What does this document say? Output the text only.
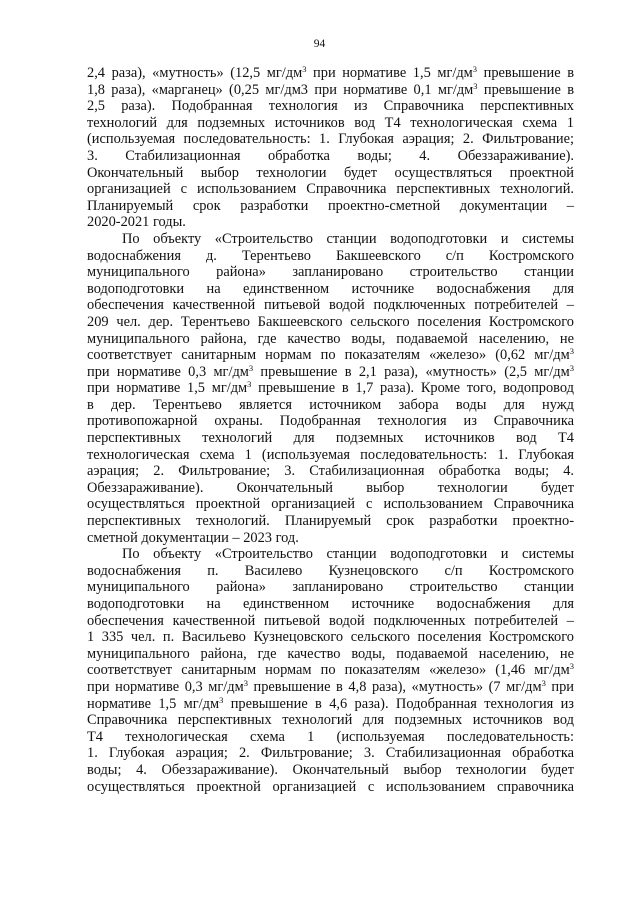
94
2,4 раза), «мутность» (12,5 $мг/дм^3$ при нормативе 1,5 $мг/дм^3$ превышение в
1,8 раза), «марганец» (0,25 мг/дм3 при нормативе 0,1 $мг/дм^3$ превышение в
2,5 раза). Подобранная технология из Справочника перспективных
технологий для подземных источников вод Т4 технологическая схема 1
(используемая последовательность: 1. Глубокая аэрация; 2. Фильтрование;
3. Стабилизационная обработка воды; 4. Обеззараживание).
Окончательный выбор технологии будет осуществляться проектной
организацией с использованием Справочника перспективных технологий.
Планируемый срок разработки проектно-сметной документации –
2020-2021 годы.
По объекту «Строительство станции водоподготовки и системы
водоснабжения д. Терентьево Бакшеевского с/п Костромского
муниципального района» запланировано строительство станции
водоподготовки на единственном источнике водоснабжения для
обеспечения качественной питьевой водой подключенных потребителей –
209 чел. дер. Терентьево Бакшеевского сельского поселения Костромского
муниципального района, где качество воды, подаваемой населению, не
соответствует санитарным нормам по показателям «железо» (0,62 $мг/дм^3$
при нормативе 0,3 $мг/дм^3$ превышение в 2,1 раза), «мутность» (2,5 $мг/дм^3$
при нормативе 1,5 $мг/дм^3$ превышение в 1,7 раза). Кроме того, водопровод
в дер. Терентьево является источником забора воды для нужд
противопожарной охраны. Подобранная технология из Справочника
перспективных технологий для подземных источников вод Т4
технологическая схема 1 (используемая последовательность: 1. Глубокая
аэрация; 2. Фильтрование; 3. Стабилизационная обработка воды; 4.
Обеззараживание). Окончательный выбор технологии будет
осуществляться проектной организацией с использованием Справочника
перспективных технологий. Планируемый срок разработки проектно-
сметной документации – 2023 год.
По объекту «Строительство станции водоподготовки и системы
водоснабжения п. Василево Кузнецовского с/п Костромского
муниципального района» запланировано строительство станции
водоподготовки на единственном источнике водоснабжения для
обеспечения качественной питьевой водой подключенных потребителей –
1 335 чел. п. Васильево Кузнецовского сельского поселения Костромского
муниципального района, где качество воды, подаваемой населению, не
соответствует санитарным нормам по показателям «железо» (1,46 $мг/дм^3$
при нормативе 0,3 $мг/дм^3$ превышение в 4,8 раза), «мутность» (7 $мг/дм^3$ при
нормативе 1,5 $мг/дм^3$ превышение в 4,6 раза). Подобранная технология из
Справочника перспективных технологий для подземных источников вод
Т4 технологическая схема 1 (используемая последовательность:
1. Глубокая аэрация; 2. Фильтрование; 3. Стабилизационная обработка
воды; 4. Обеззараживание). Окончательный выбор технологии будет
осуществляться проектной организацией с использованием справочника
